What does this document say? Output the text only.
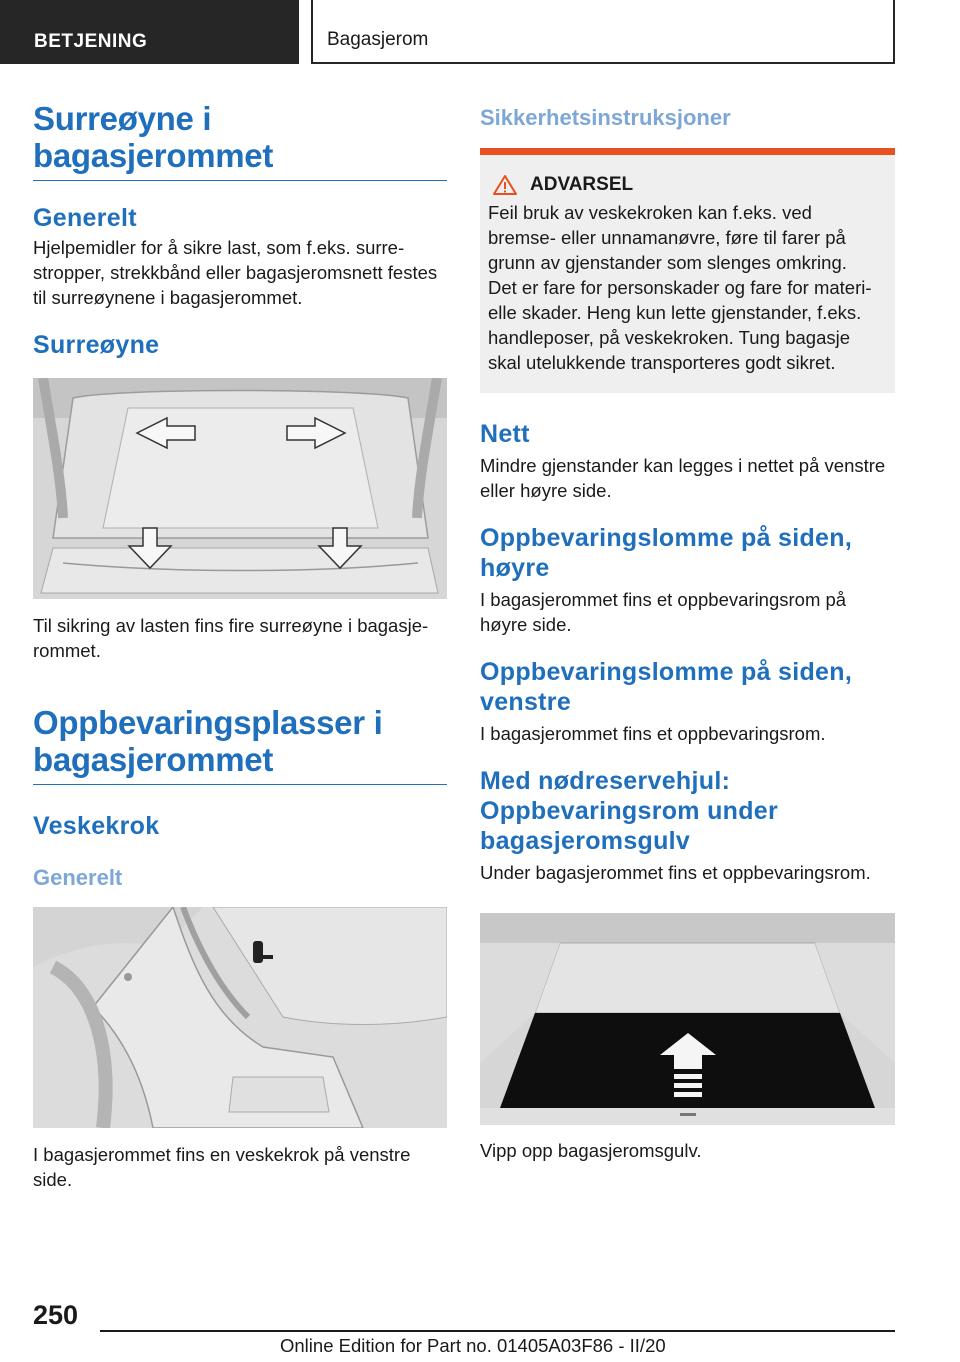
BETJENING	Bagasjerom
Surreøyne i bagasjerommet
Generelt
Hjelpemidler for å sikre last, som f.eks. surrestropper, strekkbånd eller bagasjeromsnett festes til surreøynene i bagasjerommet.
Surreøyne
Til sikring av lasten fins fire surreøyne i bagasjerommet.
Oppbevaringsplasser i bagasjerommet
Veskekrok
Generelt
I bagasjerommet fins en veskekrok på venstre side.
Sikkerhetsinstruksjoner
ADVARSEL
Feil bruk av veskekroken kan f.eks. ved bremse- eller unnamanøvre, føre til farer på grunn av gjenstander som slenges omkring. Det er fare for personskader og fare for materielle skader. Heng kun lette gjenstander, f.eks. handleposer, på veskekroken. Tung bagasje skal utelukkende transporteres godt sikret.
Nett
Mindre gjenstander kan legges i nettet på venstre eller høyre side.
Oppbevaringslomme på siden, høyre
I bagasjerommet fins et oppbevaringsrom på høyre side.
Oppbevaringslomme på siden, venstre
I bagasjerommet fins et oppbevaringsrom.
Med nødreservehjul: Oppbevaringsrom under bagasjeromsgulv
Under bagasjerommet fins et oppbevaringsrom.
Vipp opp bagasjeromsgulv.
250
Online Edition for Part no. 01405A03F86 - II/20
